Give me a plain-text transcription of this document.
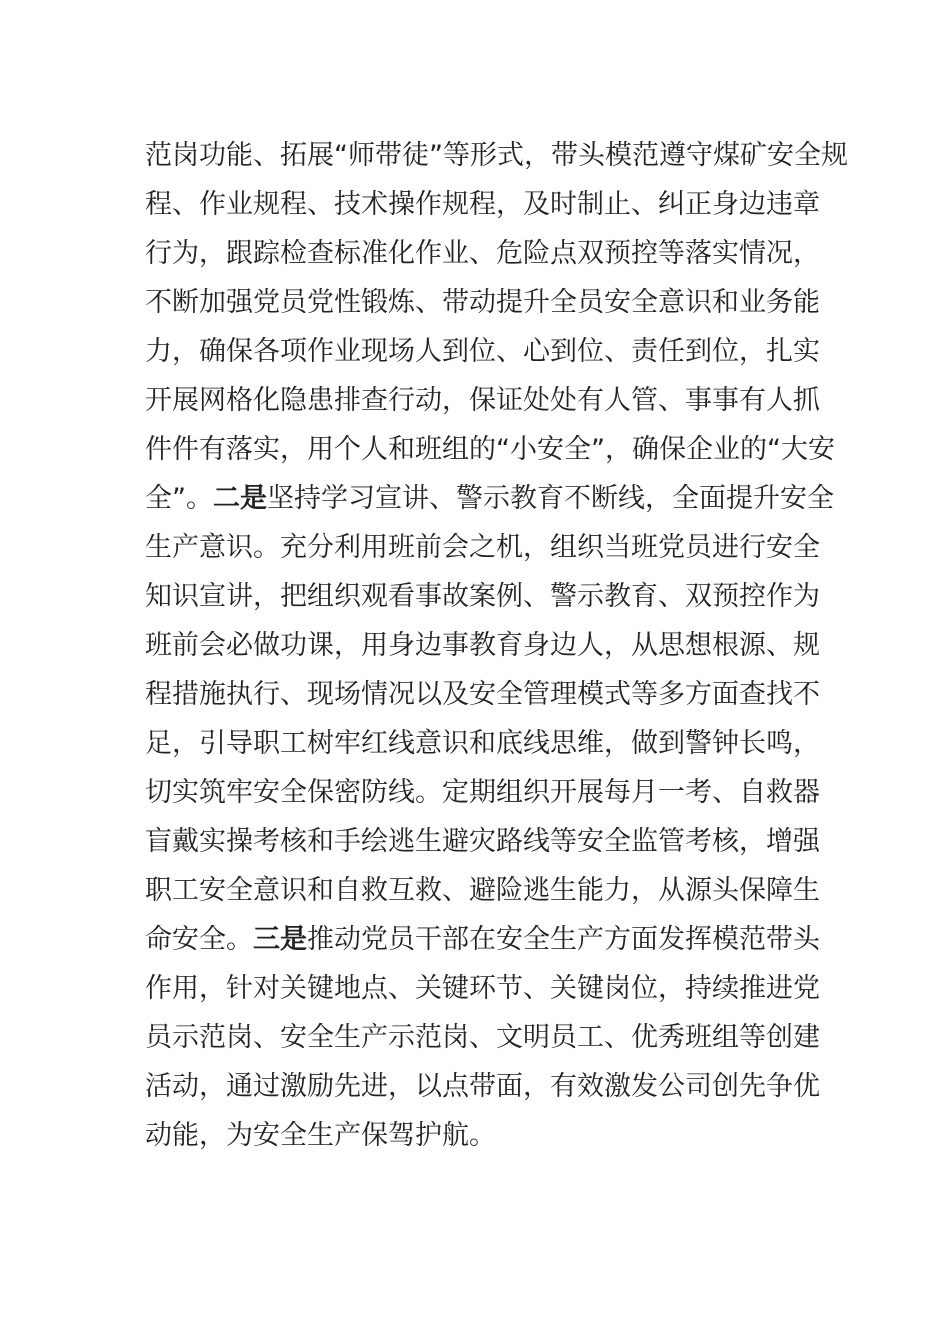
范岗功能、拓展“师带徒”等形式，带头模范遵守煤矿安全规
程、作业规程、技术操作规程，及时制止、纠正身边违章
行为，跟踪检查标准化作业、危险点双预控等落实情况，
不断加强党员党性锻炼、带动提升全员安全意识和业务能
力，确保各项作业现场人到位、心到位、责任到位，扎实
开展网格化隐患排查行动，保证处处有人管、事事有人抓
件件有落实，用个人和班组的“小安全”，确保企业的“大安
全”。二是坚持学习宣讲、警示教育不断线，全面提升安全
生产意识。充分利用班前会之机，组织当班党员进行安全
知识宣讲，把组织观看事故案例、警示教育、双预控作为
班前会必做功课，用身边事教育身边人，从思想根源、规
程措施执行、现场情况以及安全管理模式等多方面查找不
足，引导职工树牢红线意识和底线思维，做到警钟长鸣，
切实筑牢安全保密防线。定期组织开展每月一考、自救器
盲戴实操考核和手绘逃生避灾路线等安全监管考核，增强
职工安全意识和自救互救、避险逃生能力，从源头保障生
命安全。三是推动党员干部在安全生产方面发挥模范带头
作用，针对关键地点、关键环节、关键岗位，持续推进党
员示范岗、安全生产示范岗、文明员工、优秀班组等创建
活动，通过激励先进，以点带面，有效激发公司创先争优
动能，为安全生产保驾护航。
